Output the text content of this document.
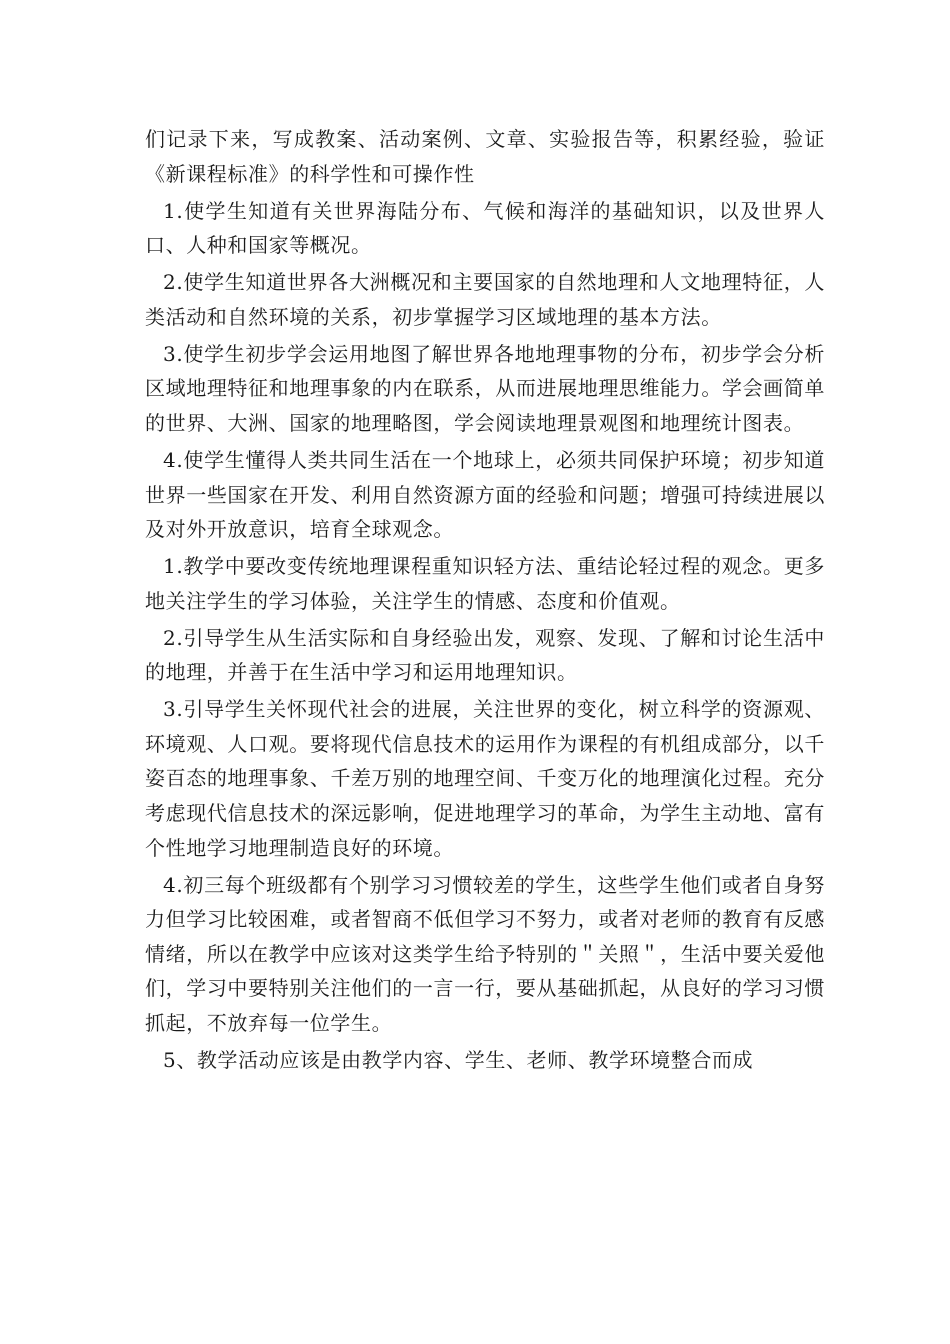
们记录下来，写成教案、活动案例、文章、实验报告等，积累经验，验证《新课程标准》的科学性和可操作性

1.使学生知道有关世界海陆分布、气候和海洋的基础知识，以及世界人口、人种和国家等概况。

2.使学生知道世界各大洲概况和主要国家的自然地理和人文地理特征，人类活动和自然环境的关系，初步掌握学习区域地理的基本方法。

3.使学生初步学会运用地图了解世界各地地理事物的分布，初步学会分析区域地理特征和地理事象的内在联系，从而进展地理思维能力。学会画简单的世界、大洲、国家的地理略图，学会阅读地理景观图和地理统计图表。

4.使学生懂得人类共同生活在一个地球上，必须共同保护环境；初步知道世界一些国家在开发、利用自然资源方面的经验和问题；增强可持续进展以及对外开放意识，培育全球观念。

1.教学中要改变传统地理课程重知识轻方法、重结论轻过程的观念。更多地关注学生的学习体验，关注学生的情感、态度和价值观。

2.引导学生从生活实际和自身经验出发，观察、发现、了解和讨论生活中的地理，并善于在生活中学习和运用地理知识。

3.引导学生关怀现代社会的进展，关注世界的变化，树立科学的资源观、环境观、人口观。要将现代信息技术的运用作为课程的有机组成部分，以千姿百态的地理事象、千差万别的地理空间、千变万化的地理演化过程。充分考虑现代信息技术的深远影响，促进地理学习的革命，为学生主动地、富有个性地学习地理制造良好的环境。

4.初三每个班级都有个别学习习惯较差的学生，这些学生他们或者自身努力但学习比较困难，或者智商不低但学习不努力，或者对老师的教育有反感情绪，所以在教学中应该对这类学生给予特别的＂关照＂，生活中要关爱他们，学习中要特别关注他们的一言一行，要从基础抓起，从良好的学习习惯抓起，不放弃每一位学生。

5、教学活动应该是由教学内容、学生、老师、教学环境整合而成
